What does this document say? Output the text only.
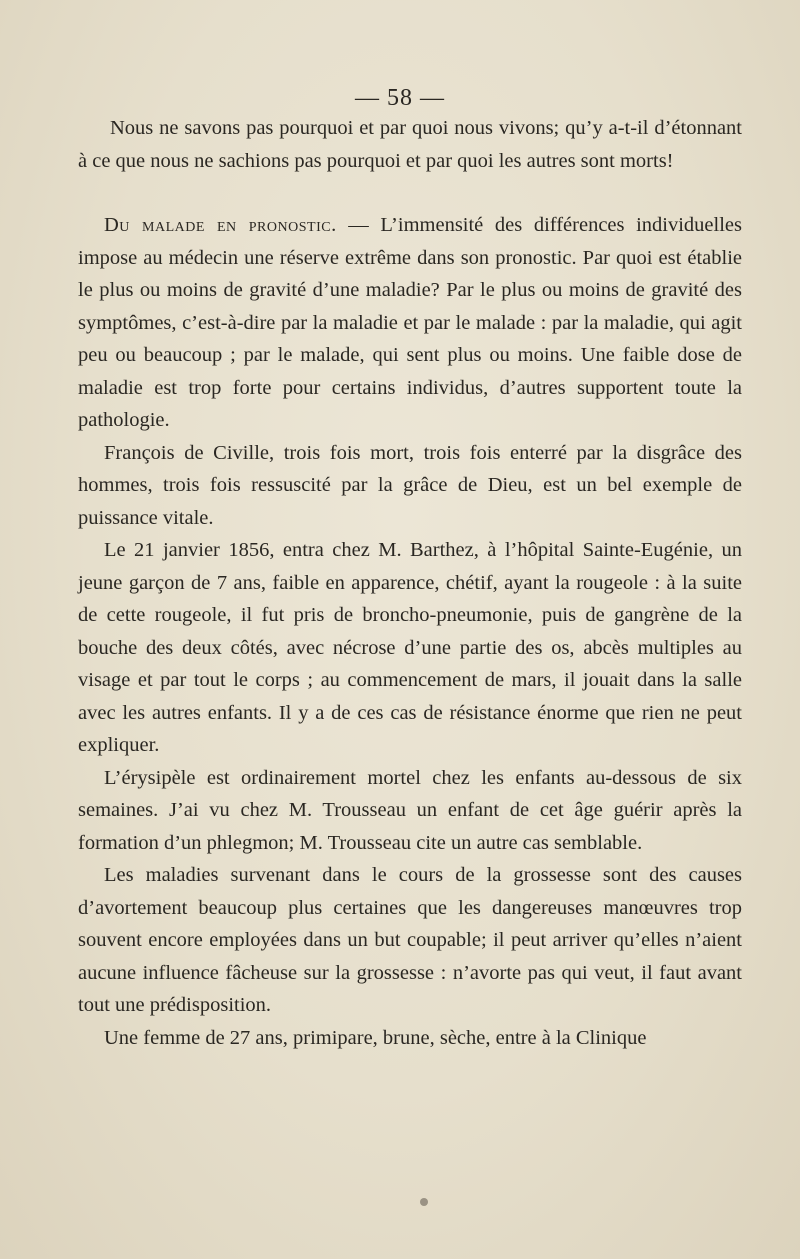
— 58 —

Nous ne savons pas pourquoi et par quoi nous vivons; qu’y a-t-il d’étonnant à ce que nous ne sachions pas pourquoi et par quoi les autres sont morts!

Du malade en pronostic. — L’immensité des différences individuelles impose au médecin une réserve extrême dans son pronostic. Par quoi est établie le plus ou moins de gravité d’une maladie? Par le plus ou moins de gravité des symptômes, c’est-à-dire par la maladie et par le malade : par la maladie, qui agit peu ou beaucoup ; par le malade, qui sent plus ou moins. Une faible dose de maladie est trop forte pour certains individus, d’autres supportent toute la pathologie.

François de Civille, trois fois mort, trois fois enterré par la disgrâce des hommes, trois fois ressuscité par la grâce de Dieu, est un bel exemple de puissance vitale.

Le 21 janvier 1856, entra chez M. Barthez, à l’hôpital Sainte-Eugénie, un jeune garçon de 7 ans, faible en apparence, chétif, ayant la rougeole : à la suite de cette rougeole, il fut pris de broncho-pneumonie, puis de gangrène de la bouche des deux côtés, avec nécrose d’une partie des os, abcès multiples au visage et par tout le corps ; au commencement de mars, il jouait dans la salle avec les autres enfants. Il y a de ces cas de résistance énorme que rien ne peut expliquer.

L’érysipèle est ordinairement mortel chez les enfants au-dessous de six semaines. J’ai vu chez M. Trousseau un enfant de cet âge guérir après la formation d’un phlegmon; M. Trousseau cite un autre cas semblable.

Les maladies survenant dans le cours de la grossesse sont des causes d’avortement beaucoup plus certaines que les dangereuses manœuvres trop souvent encore employées dans un but coupable; il peut arriver qu’elles n’aient aucune influence fâcheuse sur la grossesse : n’avorte pas qui veut, il faut avant tout une prédisposition.

Une femme de 27 ans, primipare, brune, sèche, entre à la Clinique
